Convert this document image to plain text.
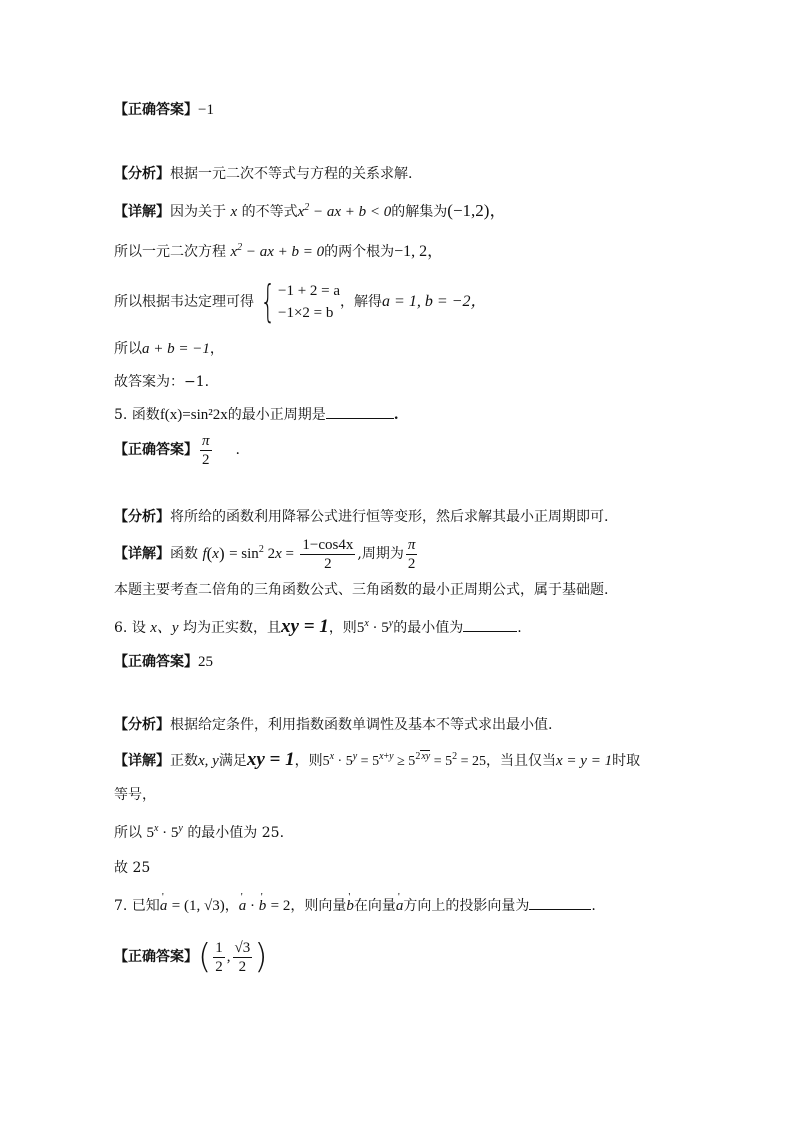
【正确答案】−1
【分析】根据一元二次不等式与方程的关系求解.
【详解】因为关于 x 的不等式$x^2$ − ax + b < 0的解集为(−1,2)，
所以一元二次方程 $x^2$ − ax + b = 0的两个根为−1, 2，
所以根据韦达定理可得 { −1 + 2 = a
−1×2 = b
，解得a = 1, b = −2，
所以a + b = −1，
故答案为：−1.
5. 函数f(x)=sin²2x的最小正周期是	.
【正确答案】 $\frac{\pi}{2}$ .
【分析】将所给的函数利用降幂公式进行恒等变形，然后求解其最小正周期即可.
【详解】函数 $f(x) = \sin^2 2x = \frac{1-\cos 4x}{2}$ ,周期为 $\frac{\pi}{2}$
本题主要考查二倍角的三角函数公式、三角函数的最小正周期公式，属于基础题.
6. 设 x、y 均为正实数，且xy = 1，则$5^x \cdot 5^y$的最小值为	.
【正确答案】25
【分析】根据给定条件，利用指数函数单调性及基本不等式求出最小值.
【详解】正数x, y满足xy = 1，则$5^x \cdot 5^y = 5^{x+y} \ge 5^{2xy} = 5^2 = 25$，当且仅当x = y = 1时取
等号，
所以 $5^x \cdot 5^y$ 的最小值为 25.
故 25
7. 已知' a = (1, √3)，' a · ' b = 2，则向量' b在向量' a方向上的投影向量为	.
【正确答案】( $\frac{1}{2}$ , $\frac{√3}{2}$ )
